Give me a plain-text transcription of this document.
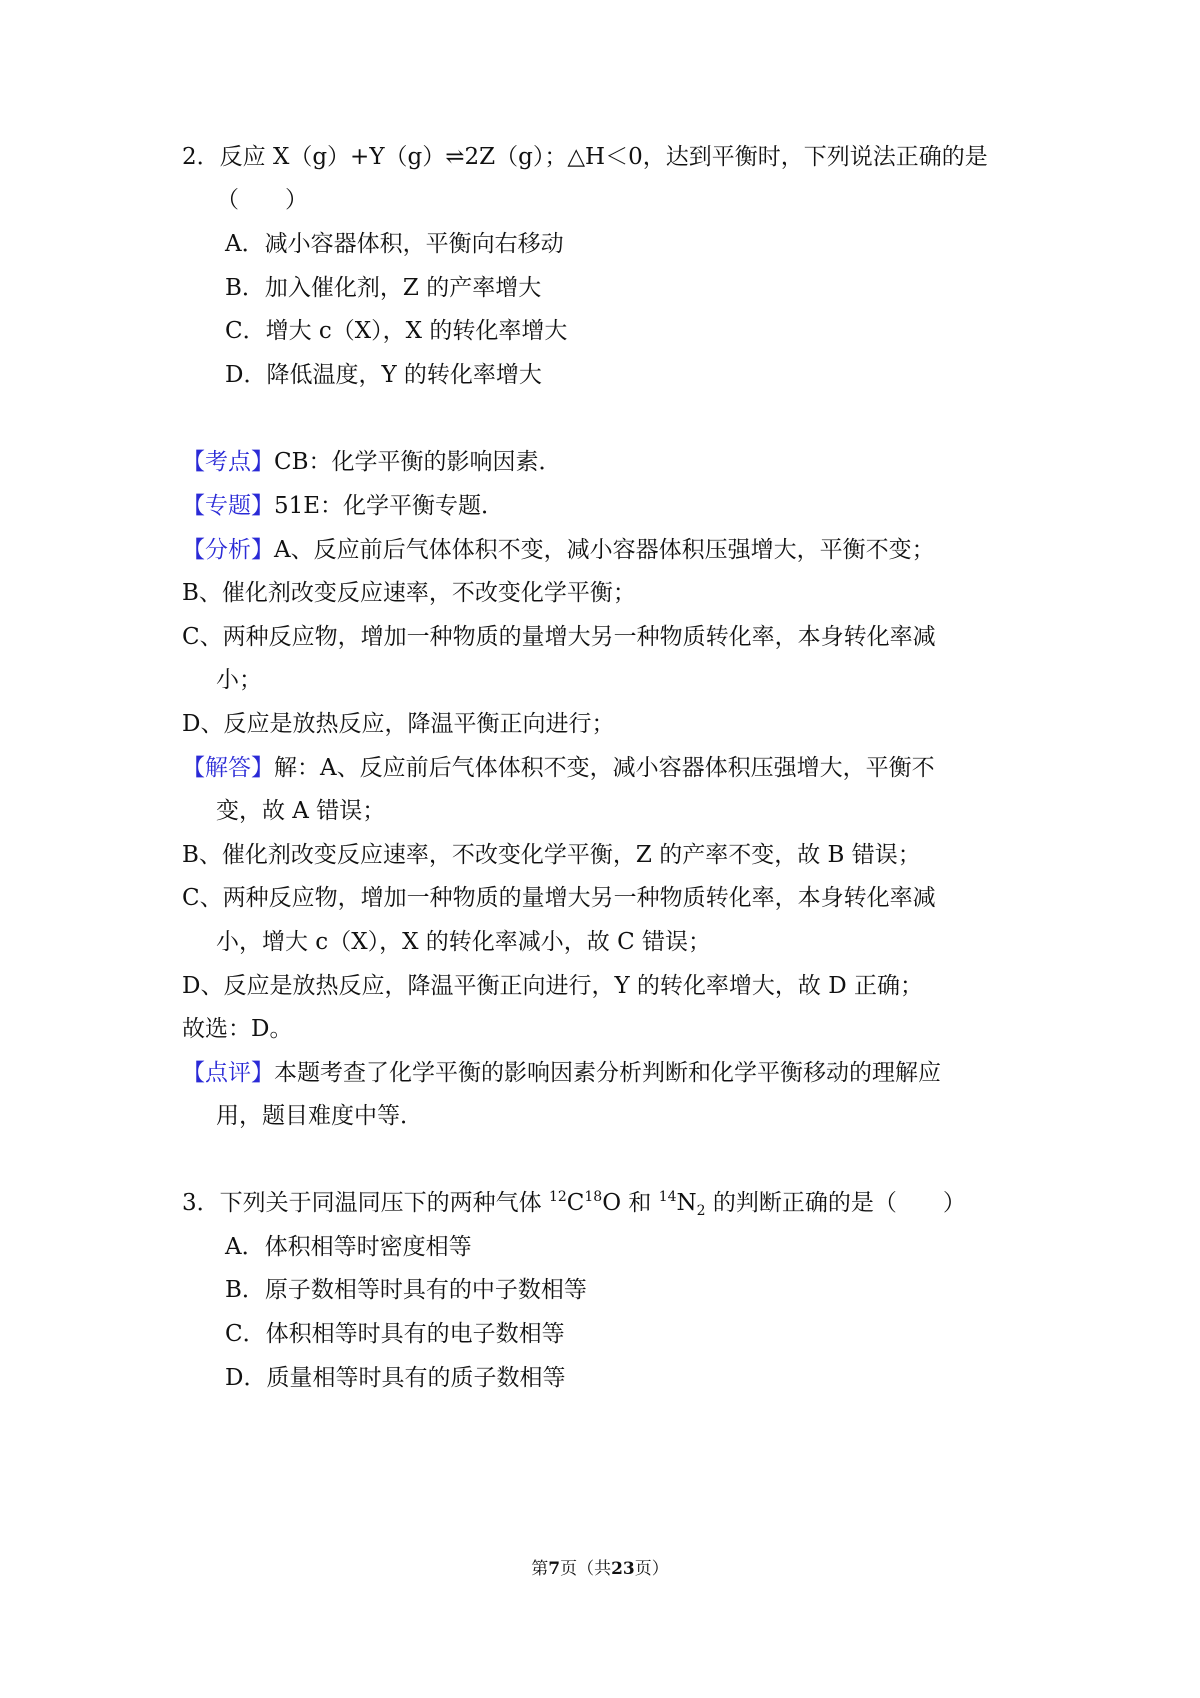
2．反应 X（g）+Y（g）⇌2Z（g）；△H＜0，达到平衡时，下列说法正确的是
（　　）
A．减小容器体积，平衡向右移动
B．加入催化剂，Z 的产率增大
C．增大 c（X），X 的转化率增大
D．降低温度，Y 的转化率增大
【考点】CB：化学平衡的影响因素．
【专题】51E：化学平衡专题．
【分析】A、反应前后气体体积不变，减小容器体积压强增大，平衡不变；
B、催化剂改变反应速率，不改变化学平衡；
C、两种反应物，增加一种物质的量增大另一种物质转化率，本身转化率减
小；
D、反应是放热反应，降温平衡正向进行；
【解答】解：A、反应前后气体体积不变，减小容器体积压强增大，平衡不
变，故 A 错误；
B、催化剂改变反应速率，不改变化学平衡，Z 的产率不变，故 B 错误；
C、两种反应物，增加一种物质的量增大另一种物质转化率，本身转化率减
小，增大 c（X），X 的转化率减小，故 C 错误；
D、反应是放热反应，降温平衡正向进行，Y 的转化率增大，故 D 正确；
故选：D。
【点评】本题考查了化学平衡的影响因素分析判断和化学平衡移动的理解应
用，题目难度中等．
3．下列关于同温同压下的两种气体 $^{12}C^{18}O$ 和 $^{14}N_2$ 的判断正确的是（　　）
A．体积相等时密度相等
B．原子数相等时具有的中子数相等
C．体积相等时具有的电子数相等
D．质量相等时具有的质子数相等
第7页（共23页）
